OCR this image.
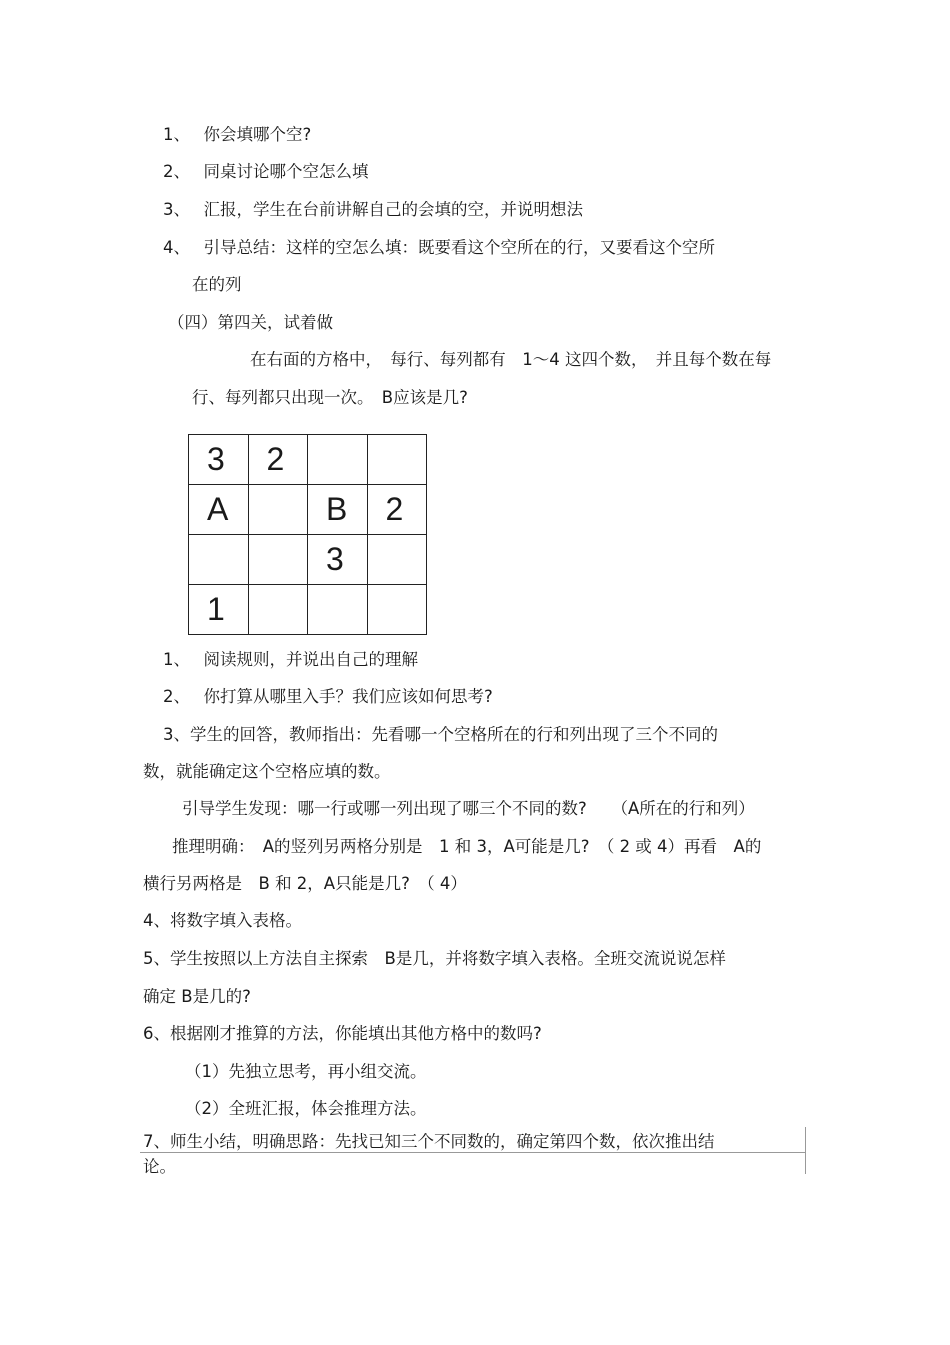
1、　 你会填哪个空?
2、　 同桌讨论哪个空怎么填
3、　 汇报，学生在台前讲解自己的会填的空，并说明想法
4、　 引导总结：这样的空怎么填：既要看这个空所在的行，又要看这个空所
在的列
（四）第四关，试着做
在右面的方格中，　每行、每列都有　1～4 这四个数，　并且每个数在每
行、每列都只出现一次。　B应该是几?
3	2		
A		B	2
		3	
1			
1、　 阅读规则，并说出自己的理解
2、　 你打算从哪里入手？我们应该如何思考?
3、学生的回答，教师指出：先看哪一个空格所在的行和列出现了三个不同的
数，就能确定这个空格应填的数。
引导学生发现：哪一行或哪一列出现了哪三个不同的数?　　（A所在的行和列）
推理明确：　A的竖列另两格分别是　1 和 3，A可能是几?　（ 2 或 4）再看　A的
横行另两格是　B 和 2，A只能是几?　（ 4）
4、将数字填入表格。
5、学生按照以上方法自主探索　B是几，并将数字填入表格。全班交流说说怎样
确定 B是几的?
6、根据刚才推算的方法，你能填出其他方格中的数吗?
（1）先独立思考，再小组交流。
（2）全班汇报，体会推理方法。
7、师生小结，明确思路：先找已知三个不同数的，确定第四个数，依次推出结
论。
